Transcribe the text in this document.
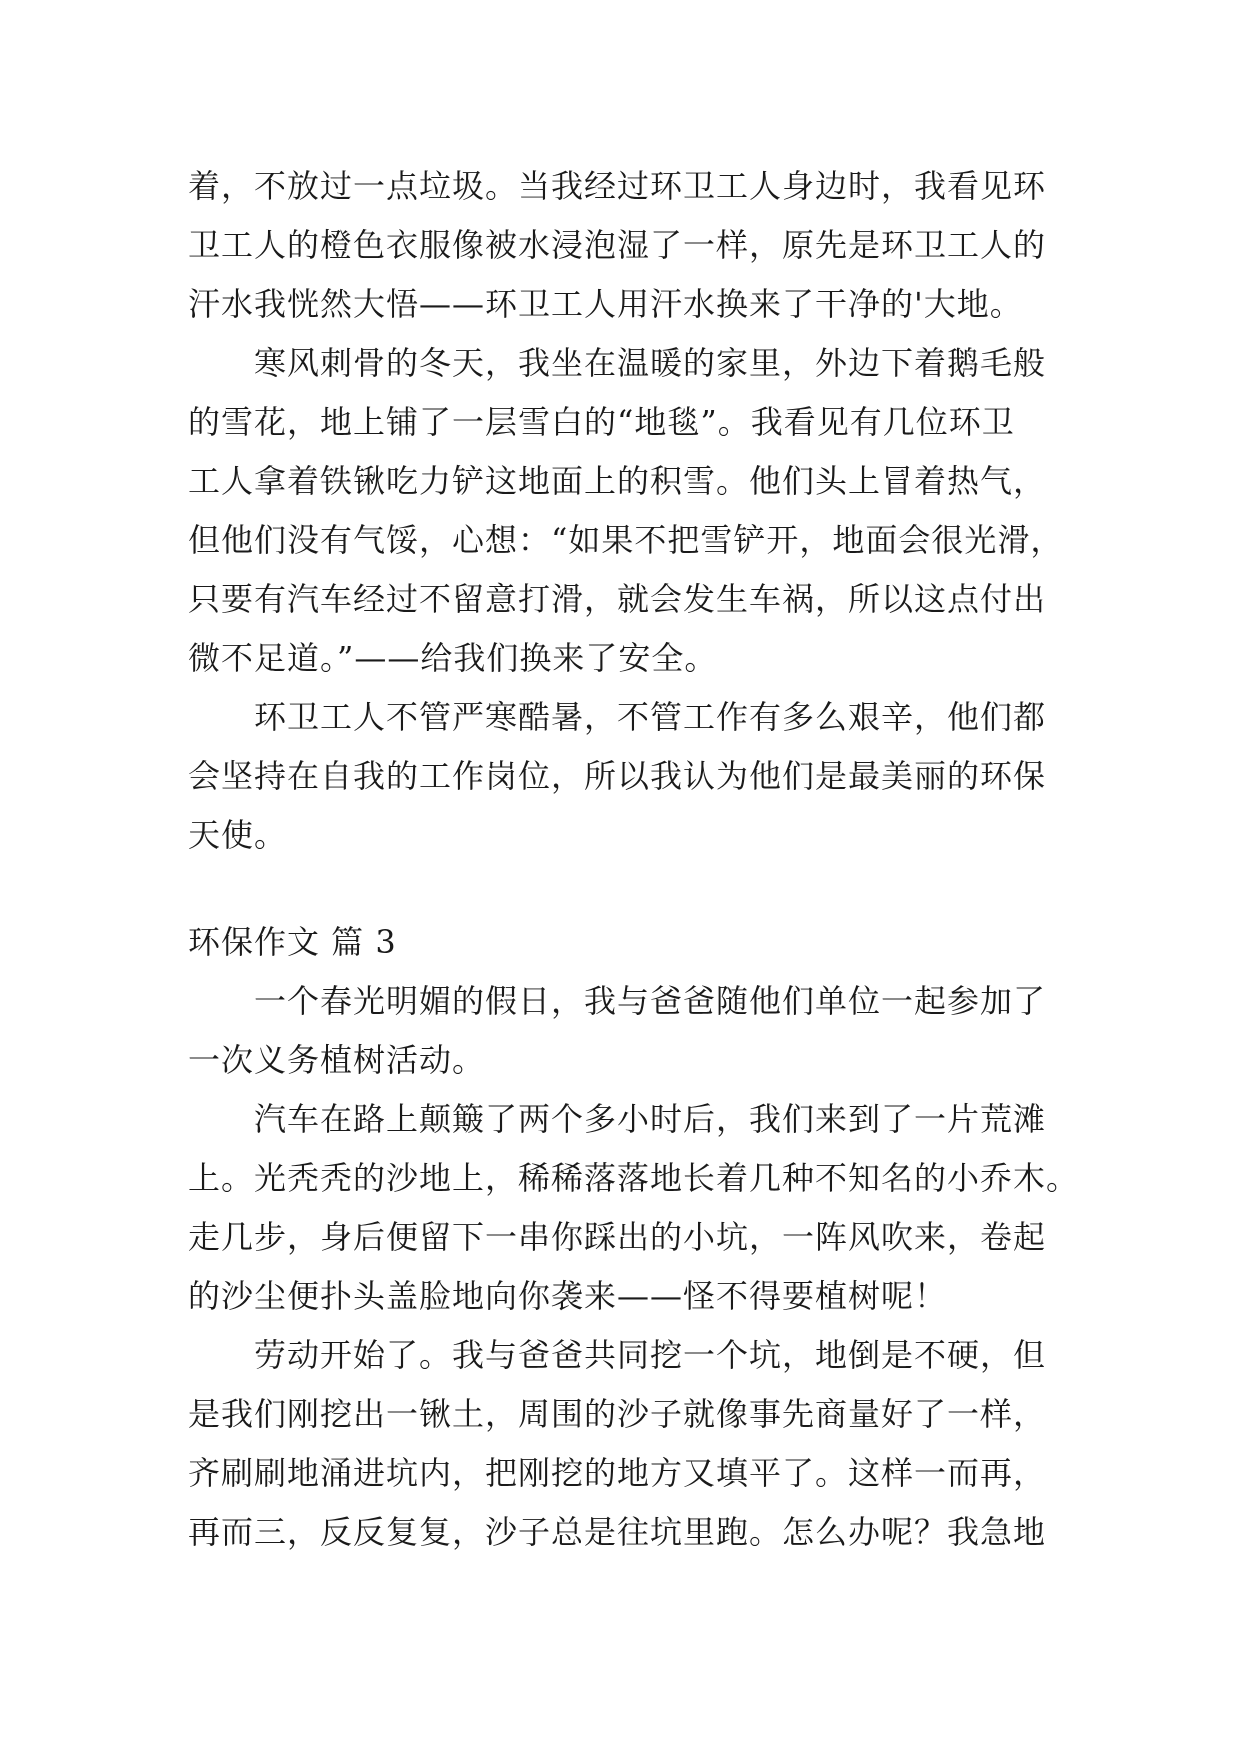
着，不放过一点垃圾。当我经过环卫工人身边时，我看见环
卫工人的橙色衣服像被水浸泡湿了一样，原先是环卫工人的
汗水我恍然大悟——环卫工人用汗水换来了干净的'大地。
寒风刺骨的冬天，我坐在温暖的家里，外边下着鹅毛般
的雪花，地上铺了一层雪白的“地毯”。我看见有几位环卫
工人拿着铁锹吃力铲这地面上的积雪。他们头上冒着热气，
但他们没有气馁，心想：“如果不把雪铲开，地面会很光滑，
只要有汽车经过不留意打滑，就会发生车祸，所以这点付出
微不足道。”——给我们换来了安全。
环卫工人不管严寒酷暑，不管工作有多么艰辛，他们都
会坚持在自我的工作岗位，所以我认为他们是最美丽的环保
天使。
环保作文 篇 3
一个春光明媚的假日，我与爸爸随他们单位一起参加了
一次义务植树活动。
汽车在路上颠簸了两个多小时后，我们来到了一片荒滩
上。光秃秃的沙地上，稀稀落落地长着几种不知名的小乔木。
走几步，身后便留下一串你踩出的小坑，一阵风吹来，卷起
的沙尘便扑头盖脸地向你袭来——怪不得要植树呢！
劳动开始了。我与爸爸共同挖一个坑，地倒是不硬，但
是我们刚挖出一锹土，周围的沙子就像事先商量好了一样，
齐刷刷地涌进坑内，把刚挖的地方又填平了。这样一而再，
再而三，反反复复，沙子总是往坑里跑。怎么办呢？我急地
